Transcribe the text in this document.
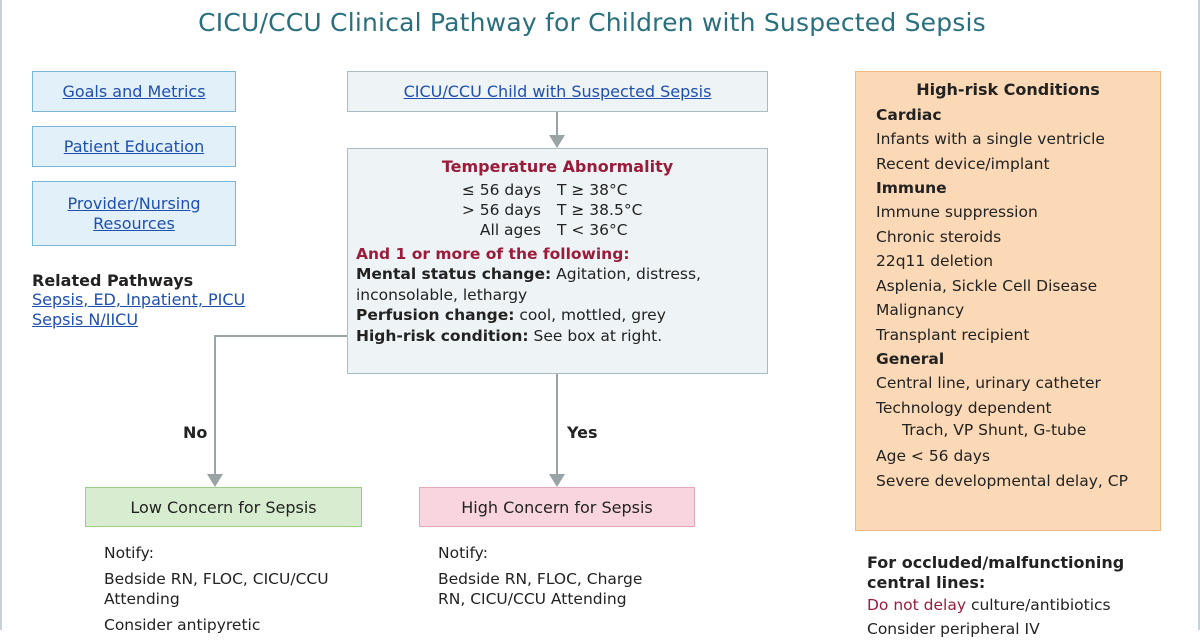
CICU/CCU Clinical Pathway for Children with Suspected Sepsis
Goals and Metrics
Patient Education
Provider/Nursing
Resources
Related Pathways
Sepsis, ED, Inpatient, PICU
Sepsis N/IICU
CICU/CCU Child with Suspected Sepsis
Temperature Abnormality
≤ 56 days	T ≥ 38°C
> 56 days	T ≥ 38.5°C
All ages	T < 36°C
And 1 or more of the following:
Mental status change: Agitation, distress,
inconsolable, lethargy
Perfusion change: cool, mottled, grey
High-risk condition: See box at right.
No	Yes
Low Concern for Sepsis
Notify:
Bedside RN, FLOC, CICU/CCU
Attending
Consider antipyretic
High Concern for Sepsis
Notify:
Bedside RN, FLOC, Charge
RN, CICU/CCU Attending
High-risk Conditions
Cardiac
Infants with a single ventricle
Recent device/implant
Immune
Immune suppression
Chronic steroids
22q11 deletion
Asplenia, Sickle Cell Disease
Malignancy
Transplant recipient
General
Central line, urinary catheter
Technology dependent
Trach, VP Shunt, G-tube
Age < 56 days
Severe developmental delay, CP
For occluded/malfunctioning
central lines:
Do not delay culture/antibiotics
Consider peripheral IV
